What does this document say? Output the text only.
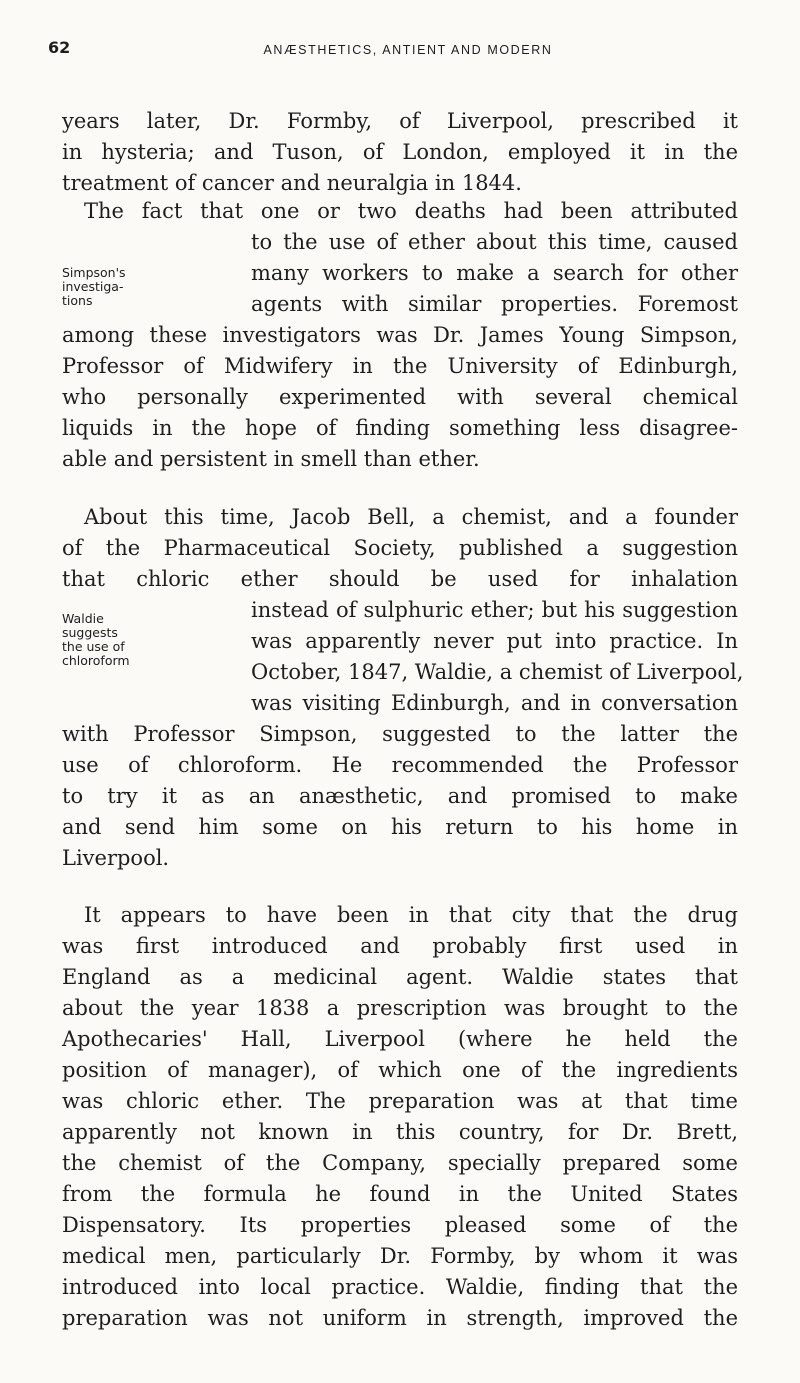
62	ANÆSTHETICS, ANTIENT AND MODERN
Simpson's
investiga-
tions
Waldie
suggests
the use of
chloroform
years later, Dr. Formby, of Liverpool, prescribed it
in hysteria; and Tuson, of London, employed it in the
treatment of cancer and neuralgia in 1844.
The fact that one or two deaths had been attributed
to the use of ether about this time, caused
many workers to make a search for other
agents with similar properties. Foremost
among these investigators was Dr. James Young Simpson,
Professor of Midwifery in the University of Edinburgh,
who personally experimented with several chemical
liquids in the hope of finding something less disagree-
able and persistent in smell than ether.
About this time, Jacob Bell, a chemist, and a founder
of the Pharmaceutical Society, published a suggestion
that chloric ether should be used for inhalation
instead of sulphuric ether; but his suggestion
was apparently never put into practice. In
October, 1847, Waldie, a chemist of Liverpool,
was visiting Edinburgh, and in conversation
with Professor Simpson, suggested to the latter the
use of chloroform. He recommended the Professor
to try it as an anæsthetic, and promised to make
and send him some on his return to his home in
Liverpool.
It appears to have been in that city that the drug
was first introduced and probably first used in
England as a medicinal agent. Waldie states that
about the year 1838 a prescription was brought to the
Apothecaries' Hall, Liverpool (where he held the
position of manager), of which one of the ingredients
was chloric ether. The preparation was at that time
apparently not known in this country, for Dr. Brett,
the chemist of the Company, specially prepared some
from the formula he found in the United States
Dispensatory. Its properties pleased some of the
medical men, particularly Dr. Formby, by whom it was
introduced into local practice. Waldie, finding that the
preparation was not uniform in strength, improved the
